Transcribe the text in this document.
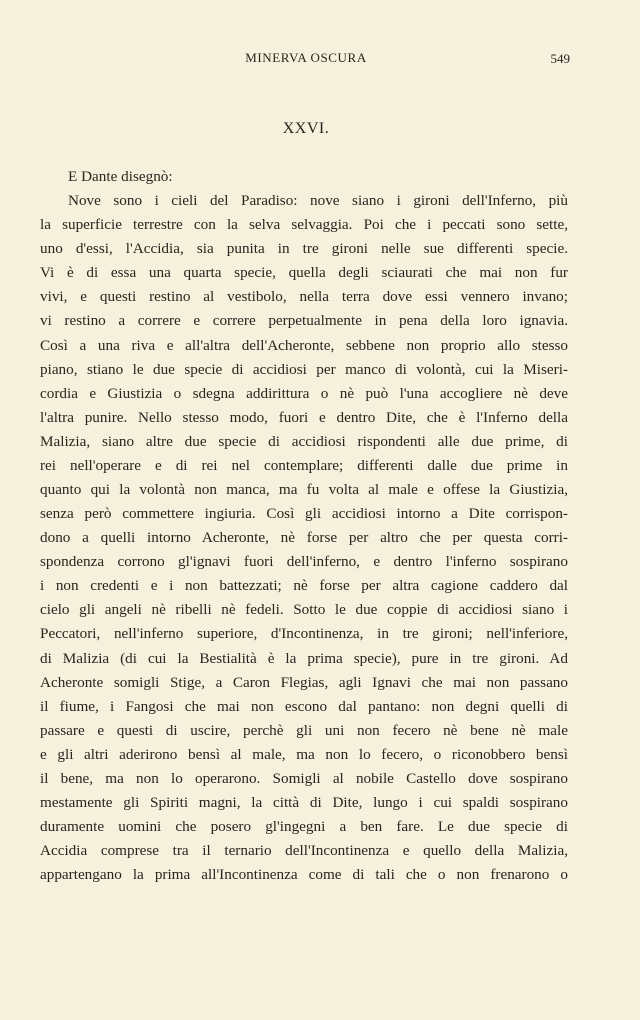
MINERVA OSCURA	549
XXVI.
E Dante disegnò:
Nove sono i cieli del Paradiso: nove siano i gironi dell'Inferno, più
la superficie terrestre con la selva selvaggia. Poi che i peccati sono sette,
uno d'essi, l'Accidia, sia punita in tre gironi nelle sue differenti specie.
Vi è di essa una quarta specie, quella degli sciaurati che mai non fur
vivi, e questi restino al vestibolo, nella terra dove essi vennero invano;
vi restino a correre e correre perpetualmente in pena della loro ignavia.
Così a una riva e all'altra dell'Acheronte, sebbene non proprio allo stesso
piano, stiano le due specie di accidiosi per manco di volontà, cui la Miseri-
cordia e Giustizia o sdegna addirittura o nè può l'una accogliere nè deve
l'altra punire. Nello stesso modo, fuori e dentro Dite, che è l'Inferno della
Malizia, siano altre due specie di accidiosi rispondenti alle due prime, di
rei nell'operare e di rei nel contemplare; differenti dalle due prime in
quanto qui la volontà non manca, ma fu volta al male e offese la Giustizia,
senza però commettere ingiuria. Così gli accidiosi intorno a Dite corrispon-
dono a quelli intorno Acheronte, nè forse per altro che per questa corri-
spondenza corrono gl'ignavi fuori dell'inferno, e dentro l'inferno sospirano
i non credenti e i non battezzati; nè forse per altra cagione caddero dal
cielo gli angeli nè ribelli nè fedeli. Sotto le due coppie di accidiosi siano i
Peccatori, nell'inferno superiore, d'Incontinenza, in tre gironi; nell'inferiore,
di Malizia (di cui la Bestialità è la prima specie), pure in tre gironi. Ad
Acheronte somigli Stige, a Caron Flegias, agli Ignavi che mai non passano
il fiume, i Fangosi che mai non escono dal pantano: non degni quelli di
passare e questi di uscire, perchè gli uni non fecero nè bene nè male
e gli altri aderirono bensì al male, ma non lo fecero, o riconobbero bensì
il bene, ma non lo operarono. Somigli al nobile Castello dove sospirano
mestamente gli Spiriti magni, la città di Dite, lungo i cui spaldi sospirano
duramente uomini che posero gl'ingegni a ben fare. Le due specie di
Accidia comprese tra il ternario dell'Incontinenza e quello della Malizia,
appartengano la prima all'Incontinenza come di tali che o non frenarono o
